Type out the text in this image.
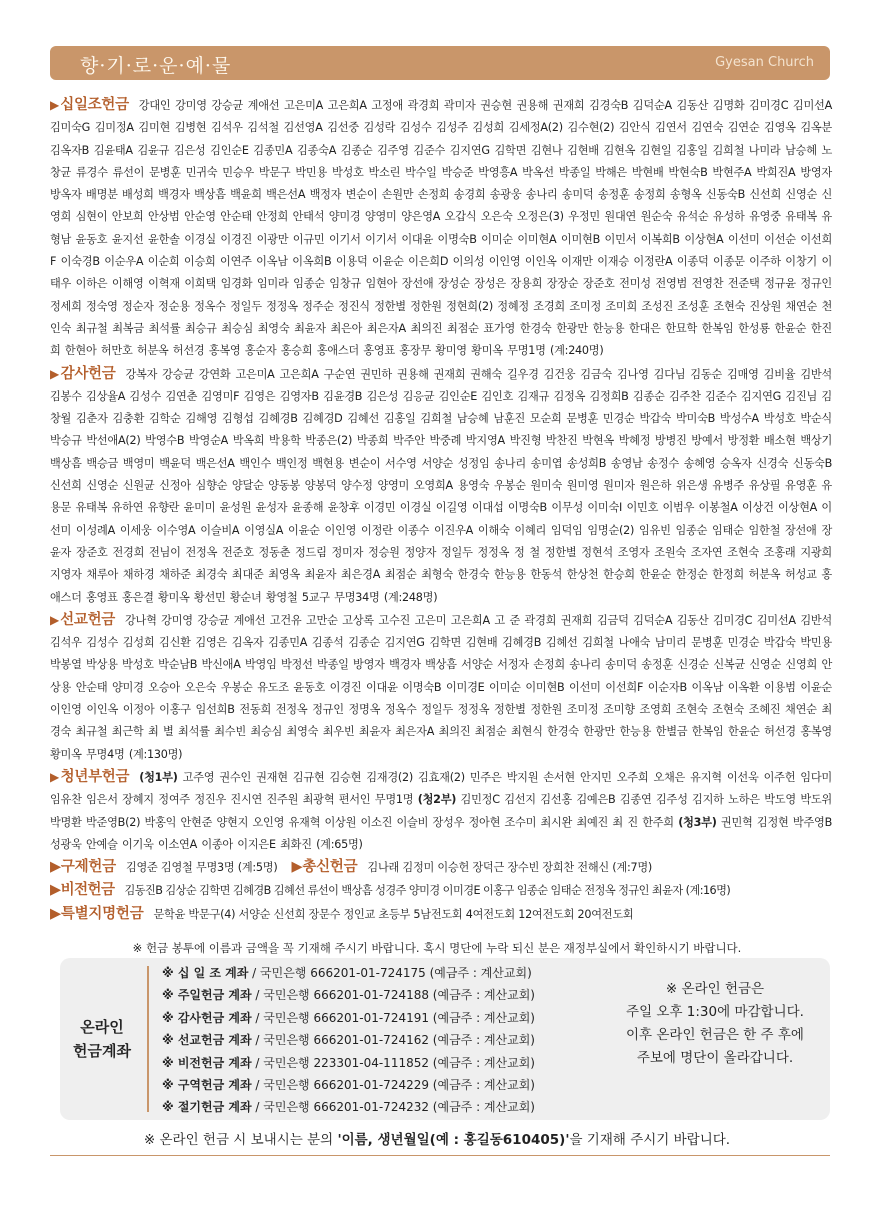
향·기·로·운·예·물	Gyesan Church
▶십일조헌금 강대인 강미영 강승균 계애선 고은미A 고은희A 고정애 곽경희 곽미자 권승현 권용해 권재희 김경숙B 김덕순A 김동산 김명화 김미경C 김미선A 김미숙G 김미정A 김미현 김병현 김석우 김석철 김선영A 김선중 김성락 김성수 김성주 김성희 김세정A(2) 김수현(2) 김안식 김연서 김연숙 김연순 김영옥 김옥분 김옥자B 김윤태A 김윤규 김은성 김인순E 김종민A 김종숙A 김종순 김주영 김준수 김지연G 김학면 김현나 김현배 김현옥 김현일 김홍일 김희철 나미라 남승혜 노창균 류경수 류선이 문병훈 민귀숙 민승우 박문구 박민용 박성호 박소린 박수일 박승준 박영흥A 박옥선 박종일 박해은 박현배 박현숙B 박현주A 박희진A 방영자 방옥자 배명분 배성희 백경자 백상흠 백윤희 백은선A 백정자 변순이 손원만 손정희 송경희 송광웅 송나리 송미덕 송정훈 송정희 송형옥 신동숙B 신선희 신영순 신영희 심현이 안보희 안상범 안순영 안순태 안정희 안태석 양미경 양영미 양은영A 오갑식 오은숙 오정은(3) 우정민 원대연 원순숙 유석순 유성하 유영중 유태복 유형남 윤동호 윤지선 윤한솔 이경실 이경진 이광만 이규민 이기서 이기서 이대윤 이명숙B 이미순 이미현A 이미현B 이민서 이복희B 이상현A 이선미 이선순 이선희F 이숙경B 이순우A 이순희 이승희 이연주 이옥남 이옥희B 이용덕 이윤순 이은희D 이의성 이인영 이인옥 이재만 이재승 이정란A 이종덕 이종문 이주하 이창기 이태우 이하은 이해영 이혁재 이희택 임경화 임미라 임종순 임창규 임현아 장선애 장성순 장성은 장용희 장장순 장준호 전미성 전영범 전영찬 전준택 정규윤 정규인 정세희 정숙영 정순자 정순용 정옥수 정일두 정정옥 정주순 정진식 정한별 정한원 정현희(2) 정혜정 조경희 조미정 조미희 조성진 조성훈 조현숙 진상원 채연순 천인숙 최규철 최복금 최석률 최승규 최승심 최영숙 최윤자 최은아 최은자A 최의진 최점순 표가영 한경숙 한광만 한능용 한대은 한묘학 한복임 한성룡 한윤순 한진희 한현아 허만호 허분옥 허선경 홍복영 홍순자 홍승희 홍애스더 홍영표 홍장무 황미영 황미옥 무명1명 (계:240명)
▶감사헌금 강복자 강승균 강연화 고은미A 고은희A 구순연 권민하 권용해 권재희 권해숙 길우경 김건웅 김금숙 김나영 김다님 김동순 김매영 김비율 김반석 김봉수 김상율A 김성수 김연춘 김영미F 김영은 김영자B 김윤경B 김은성 김응균 김인순E 김인호 김재규 김정옥 김정희B 김종순 김주찬 김준수 김지연G 김진님 김창월 김춘자 김충환 김학순 김해영 김형섭 김혜경B 김혜경D 김혜선 김홍일 김희철 남승혜 남훈진 모순희 문병훈 민경순 박갑숙 박미숙B 박성수A 박성호 박순식 박승규 박선애A(2) 박영수B 박영순A 박옥희 박용학 박종은(2) 박종희 박주안 박중례 박지영A 박진형 박찬진 박현옥 박혜정 방병진 방예서 방정환 배소현 백상기 백상흠 백승금 백영미 백윤덕 백은선A 백인수 백인정 백현용 변순이 서수영 서양순 성정임 송나리 송미엽 송성희B 송영남 송정수 송혜영 승옥자 신경숙 신동숙B 신선희 신영순 신원균 신정아 심향순 양달순 양동봉 양봉덕 양수정 양영미 오영희A 용영숙 우봉순 원미숙 원미영 원미자 원은하 위은생 유병주 유상필 유영훈 유용문 유태복 유하연 유향란 윤미미 윤성원 윤성자 윤종해 윤창후 이경민 이경실 이길영 이대섭 이명숙B 이무성 이미숙I 이민호 이범우 이봉철A 이상건 이상현A 이선미 이성례A 이세웅 이수영A 이슬비A 이영실A 이윤순 이인영 이정란 이종수 이진우A 이해숙 이혜리 임덕임 임명순(2) 임유빈 임종순 임태순 임한철 장선애 장윤자 장준호 전경희 전님이 전정옥 전준호 정동춘 정드림 정미자 정승원 정양자 정일두 정정옥 정 철 정한별 정현석 조영자 조원숙 조자연 조현숙 조홍래 지광희 지영자 채루아 채하경 채하준 최경숙 최대준 최영옥 최윤자 최은경A 최점순 최형숙 한경숙 한능용 한동석 한상천 한승희 한윤순 한정순 한정희 허분옥 허성교 홍애스더 홍영표 홍은결 황미옥 황선민 황순녀 황영철 5교구 무명34명 (계:248명)
▶선교헌금 강나혁 강미영 강승균 계애선 고건유 고만순 고상록 고수진 고은미 고은희A 고 준 곽경희 권재희 김금덕 김덕순A 김동산 김미경C 김미선A 김반석 김석우 김성수 김성희 김신환 김영은 김옥자 김종민A 김종석 김종순 김지연G 김학면 김현배 김혜경B 김혜선 김희철 나애숙 남미리 문병훈 민경순 박갑숙 박민용 박봉열 박상용 박성호 박순남B 박신애A 박영임 박정선 박종일 방영자 백경자 백상흠 서양순 서정자 손정희 송나리 송미덕 송정훈 신경순 신복균 신영순 신영희 안상용 안순태 양미경 오승아 오은숙 우봉순 유도조 윤동호 이경진 이대윤 이명숙B 이미경E 이미순 이미현B 이선미 이선희F 이순자B 이옥남 이옥환 이용범 이윤순 이인영 이인옥 이정아 이홍구 임선희B 전동희 전정옥 정규인 정명옥 정옥수 정일두 정정옥 정한별 정한원 조미정 조미향 조영희 조현숙 조현숙 조혜진 채연순 최경숙 최규철 최근학 최 별 최석률 최수빈 최승심 최영숙 최우빈 최윤자 최은자A 최의진 최점순 최현식 한경숙 한광만 한능용 한별금 한복임 한윤순 허선경 홍복영 황미옥 무명4명 (계:130명)
▶청년부헌금 (청1부) 고주영 권수인 권재현 김규현 김승현 김재경(2) 김효재(2) 민주은 박지원 손서현 안지민 오주희 오채은 유지혁 이선욱 이주헌 임다미 임유찬 임은서 장혜지 정여주 정진우 진시연 진주원 최광혁 편서인 무명1명 (청2부) 김민정C 김선지 김선홍 김예은B 김종연 김주성 김지하 노하은 박도영 박도위 박명환 박준영B(2) 박홍익 안현준 양현지 오인영 유재혁 이상원 이소진 이슬비 장성우 정아현 조수미 최시완 최예진 최 진 한주희 (청3부) 권민혁 김정현 박주영B 성광욱 안예슬 이기욱 이소연A 이종아 이지은E 최화진 (계:65명)
▶구제헌금 김영준 김영철 무명3명 (계:5명) ▶총신헌금 김나래 김정미 이승헌 장덕근 장수빈 장희찬 전해신 (계:7명)
▶비전헌금 김동진B 김상순 김학면 김혜경B 김혜선 류선이 백상흠 성경주 양미경 이미경E 이홍구 임종순 임태순 전정옥 정규인 최윤자 (계:16명)
▶특별지명헌금 문학윤 박문구(4) 서양순 신선희 장문수 정인교 초등부 5남전도회 4여전도회 12여전도회 20여전도회
※ 헌금 봉투에 이름과 금액을 꼭 기재해 주시기 바랍니다. 혹시 명단에 누락 되신 분은 재정부실에서 확인하시기 바랍니다.
온라인
헌금계좌
※ 십 일 조 계좌 / 국민은행 666201-01-724175 (예금주 : 계산교회)
※ 주일헌금 계좌 / 국민은행 666201-01-724188 (예금주 : 계산교회)
※ 감사헌금 계좌 / 국민은행 666201-01-724191 (예금주 : 계산교회)
※ 선교헌금 계좌 / 국민은행 666201-01-724162 (예금주 : 계산교회)
※ 비전헌금 계좌 / 국민은행 223301-04-111852 (예금주 : 계산교회)
※ 구역헌금 계좌 / 국민은행 666201-01-724229 (예금주 : 계산교회)
※ 절기헌금 계좌 / 국민은행 666201-01-724232 (예금주 : 계산교회)
※ 온라인 헌금은
주일 오후 1:30에 마감합니다.
이후 온라인 헌금은 한 주 후에
주보에 명단이 올라갑니다.
※ 온라인 헌금 시 보내시는 분의 '이름, 생년월일(예 : 홍길동610405)'을 기재해 주시기 바랍니다.
